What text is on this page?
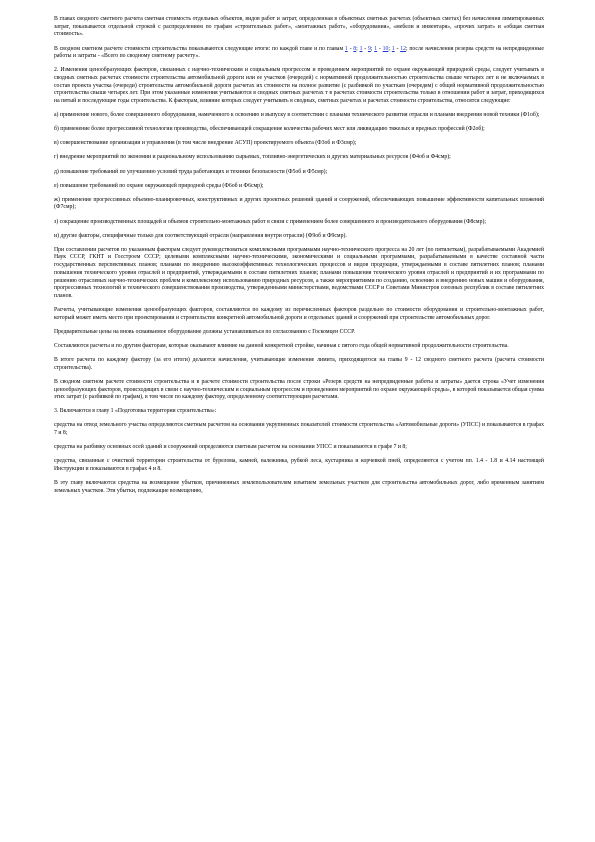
В главах сводного сметного расчета сметная стоимость отдельных объектов, видов работ и затрат, определенная в объектных сметных расчетах (объектных сметах) без начисления лимитированных затрат, показывается отдельной строкой с распределением по графам «строительных работ», «монтажных работ», «оборудования», «мебели и инвентаря», «прочих затрат» и «общая сметная стоимость».

В сводном сметном расчете стоимости строительства показываются следующие итоги: по каждой главе и по главам 1 - 8; 1 - 9; 1 - 10; 1 - 12; после начисления резерва средств на непредвиденные работы и затраты - «Всего по сводному сметному расчету».

2. Изменения ценообразующих факторов, связанных с научно-техническим и социальным прогрессом и проведением мероприятий по охране окружающей природной среды, следует учитывать в сводных сметных расчетах стоимости строительства автомобильной дороги или ее участков (очередей) с нормативной продолжительностью строительства свыше четырех лет и не включаемых в состав проекта участка (очереди) строительства автомобильной дороги расчетах их стоимости на полное развитие (с разбивкой по участкам (очередям) с общей нормативной продолжительностью строительства свыше четырех лет. При этом указанные изменения учитываются в сводных сметных расчетах т в расчетах стоимости строительства только в отношении работ и затрат, приходящихся на пятый и последующие годы строительства. К факторам, влияние которых следует учитывать в сводных, сметных расчетах и расчетах стоимости строительства, относятся следующие:

а) применение нового, более совершенного оборудования, намеченного к освоению и выпуску в соответствии с планами технического развития отрасли и планами внедрения новой техники (Ф1об);

б) применение более прогрессивной технологии производства, обеспечивающей сокращение количества рабочих мест или ликвидацию тяжелых и вредных профессий (Ф2об);

в) совершенствование организации и управления (в том числе внедрение АСУП) проектируемого объекта (Ф3об и Ф3смр);

г) внедрение мероприятий по экономии и рациональному использованию сырьевых, топливно-энергетических и других материальных ресурсов (Ф4об и Ф4смр);

д) повышение требований по улучшению условий труда работающих и техники безопасности (Ф5об и Ф5смр);

е) повышение требований по охране окружающей природной среды (Ф6об и Ф6смр);

ж) применение прогрессивных объемно-планировочных, конструктивных и других проектных решений зданий и сооружений, обеспечивающих повышение эффективности капитальных вложений (Ф7смр);

з) сокращение производственных площадей и объемов строительно-монтажных работ в связи с применением более совершенного и производительного оборудования (Ф8смр);

и) другие факторы, специфичные только для соответствующей отрасли (направления внутри отрасли) (Ф9об и Ф9смр).

При составлении расчетов по указанным факторам следует руководствоваться комплексными программами научно-технического прогресса на 20 лет (по пятилеткам), разрабатываемыми Академией Наук СССР, ГКНТ и Госстроем СССР; целевыми комплексными научно-техническими, экономическими и социальными программами, разрабатываемыми в качестве составной части государственных перспективных планов; планами по внедрению высокоэффективных технологических процессов и видов продукции, утверждаемыми в составе пятилетних планов; планами повышения технического уровня отраслей и предприятий, утверждаемыми в составе пятилетних планов; планами повышения технического уровня отраслей и предприятий и их программами по решению отраслевых научно-технических проблем и комплексному использованию природных ресурсов, а также мероприятиями по созданию, освоению и внедрению новых машин и оборудования, прогрессивных технологий и технического совершенствования производства, утвержденными министерствами, ведомствами СССР и Советами Министров союзных республик в составе пятилетних планов.

Расчеты, учитывающие изменения ценообразующих факторов, составляются по каждому из перечисленных факторов раздельно по стоимости оборудования и строительно-монтажных работ, который может иметь место при проектировании и строительстве конкретной автомобильной дороги и отдельных зданий и сооружений при строительстве автомобильных дорог.

Предварительные цены на вновь осваиваемое оборудование должны устанавливаться по согласованию с Госкомцен СССР.

Составляются расчеты и по другим факторам, которые оказывают влияние на данной конкретной стройке, начиная с пятого года общей нормативной продолжительности строительства.

В итоге расчета по каждому фактору (за его итоги) делаются начисления, учитывающие изменение лимита, приходящегося на главы 9 - 12 сводного сметного расчета (расчета стоимости строительства).

В сводном сметном расчете стоимости строительства и в расчете стоимости строительства после строки «Резерв средств на непредвиденные работы и затраты» дается строка «Учет изменения ценообразующих факторов, происходящих в связи с научно-техническим и социальным прогрессом и проведением мероприятий по охране окружающей среды», в которой показывается общая сумма этих затрат (с разбивкой по графам), в том числе по каждому фактору, определенному соответствующим расчетами.

3. Включаются в главу 1 «Подготовка территории строительства»:

средства на отвод земельного участка определяются сметным расчетом на основании укрупненных показателей стоимости строительства «Автомобильные дороги» (УПСС) и показываются в графах 7 и 8;

средства на разбивку основных осей зданий и сооружений определяются сметным расчетом на основании УПСС и показываются в графе 7 и 8;

средства, связанные с очисткой территории строительства от бурелома, камней, валежника, рубкой леса, кустарника и корчевкой пней, определяются с учетом пп. 1.4 - 1.8 и 4.14 настоящей Инструкции и показываются в графах 4 и 8.

В эту главу включаются средства на возмещение убытков, причиненных землепользователям изъятием земельных участков для строительства автомобильных дорог, либо временным занятием земельных участков. Эти убытки, подлежащие возмещению,
